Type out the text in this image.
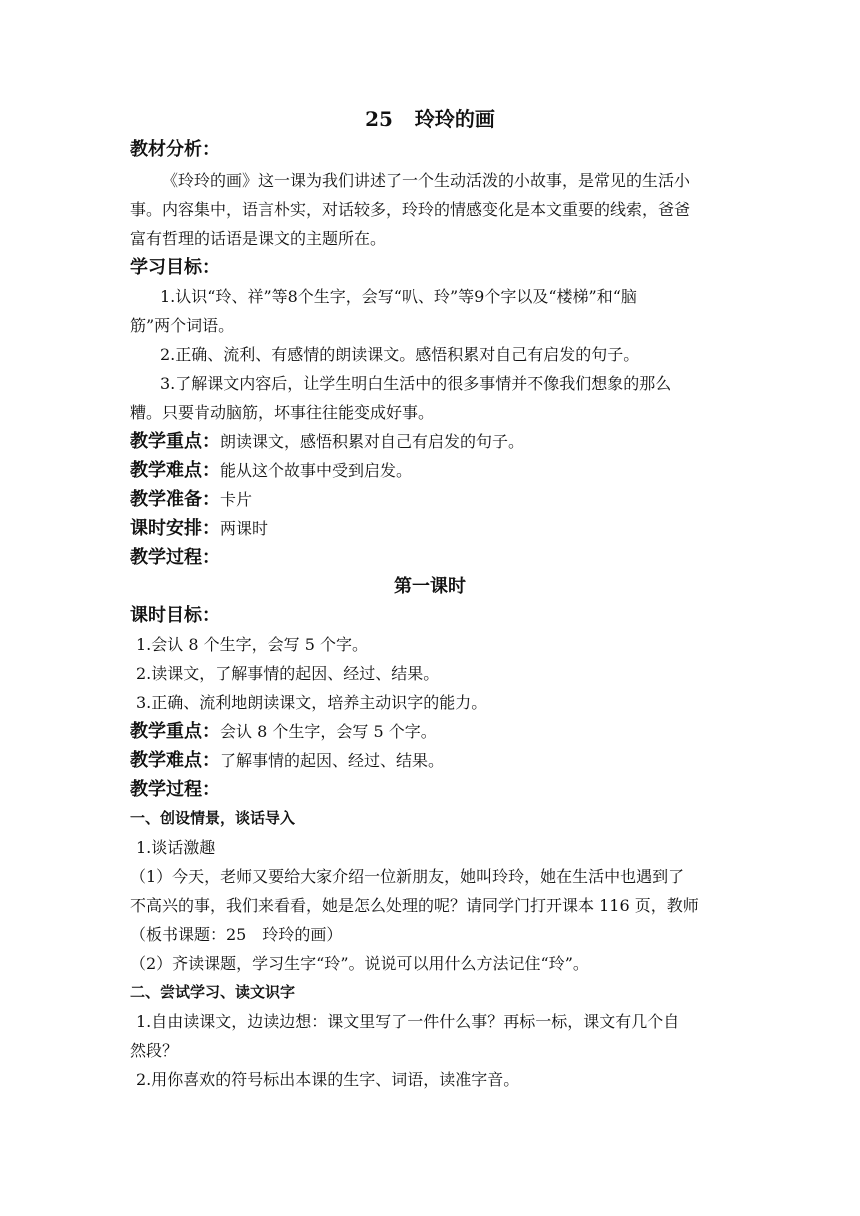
25 玲玲的画
教材分析：
《玲玲的画》这一课为我们讲述了一个生动活泼的小故事，是常见的生活小
事。内容集中，语言朴实，对话较多，玲玲的情感变化是本文重要的线索，爸爸
富有哲理的话语是课文的主题所在。
学习目标：
1.认识“玲、祥”等8个生字，会写“叭、玲”等9个字以及“楼梯”和“脑
筋”两个词语。
2.正确、流利、有感情的朗读课文。感悟积累对自己有启发的句子。
3.了解课文内容后，让学生明白生活中的很多事情并不像我们想象的那么
糟。只要肯动脑筋，坏事往往能变成好事。
教学重点：朗读课文，感悟积累对自己有启发的句子。
教学难点：能从这个故事中受到启发。
教学准备：卡片
课时安排：两课时
教学过程：
第一课时
课时目标：
1.会认 8 个生字，会写 5 个字。
2.读课文，了解事情的起因、经过、结果。
3.正确、流利地朗读课文，培养主动识字的能力。
教学重点：会认 8 个生字，会写 5 个字。
教学难点：了解事情的起因、经过、结果。
教学过程：
一、创设情景，谈话导入
1.谈话激趣
（1）今天，老师又要给大家介绍一位新朋友，她叫玲玲，她在生活中也遇到了
不高兴的事，我们来看看，她是怎么处理的呢？请同学门打开课本 116 页，教师
（板书课题：25　玲玲的画）
（2）齐读课题，学习生字“玲”。说说可以用什么方法记住“玲”。
二、尝试学习、读文识字
1.自由读课文，边读边想：课文里写了一件什么事？再标一标，课文有几个自
然段？
2.用你喜欢的符号标出本课的生字、词语，读准字音。
